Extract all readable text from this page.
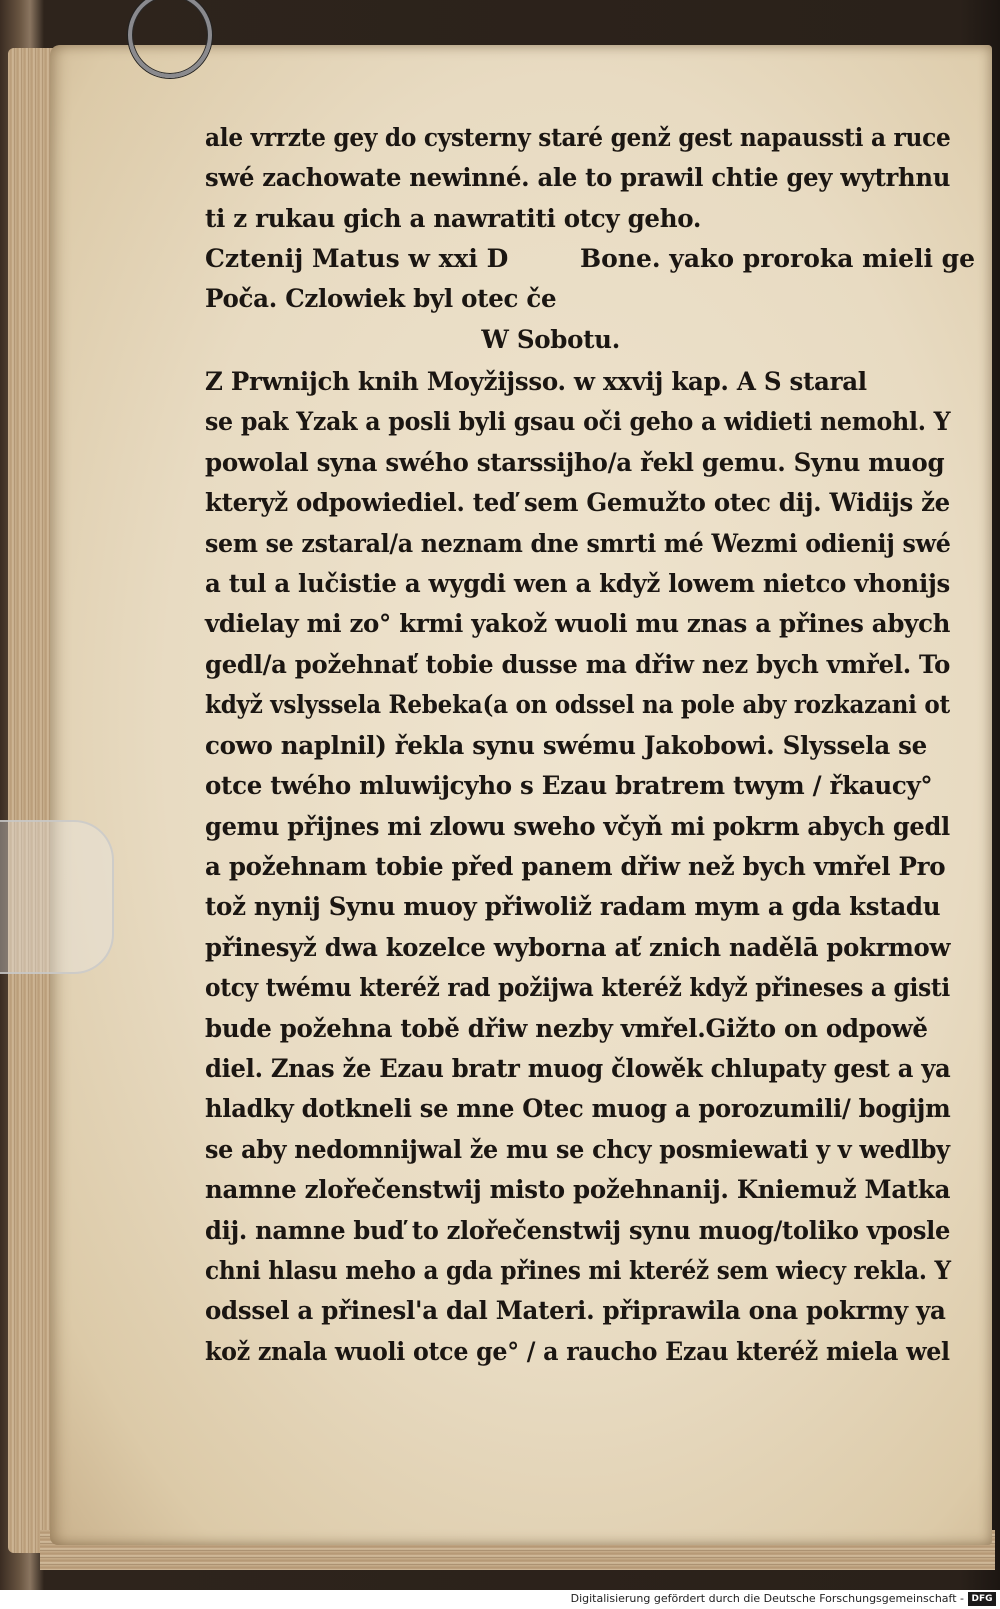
ale vrrzte gey do cysterny staré genž gest napaussti a ruce
swé zachowate newinné. ale to prawil chtie gey wytrhnu
ti z rukau gich a nawratiti otcy geho.
Cztenij Matus w xxi D	Bone. yako proroka mieli ge
Poča. Czlowiek byl otec če
W Sobotu.
Z Prwnijch knih Moyžijsso. w xxvij kap. A S staral
se pak Yzak a posli byli gsau oči geho a widieti nemohl. Y
powolal syna swého starssijho/a řekl gemu. Synu muog
kteryž odpowiediel. teď sem Gemužto otec dij. Widijs že
sem se zstaral/a neznam dne smrti mé Wezmi odienij swé
a tul a lučistie a wygdi wen a když lowem nietco vhonijs
vdielay mi zo° krmi yakož wuoli mu znas a přines abych
gedl/a požehnať tobie dusse ma dřiw nez bych vmřel. To
když vslyssela Rebeka(a on odssel na pole aby rozkazani ot
cowo naplnil) řekla synu swému Jakobowi. Slyssela se
otce twého mluwijcyho s Ezau bratrem twym / řkaucy°
gemu přijnes mi zlowu sweho včyň mi pokrm abych gedl
a požehnam tobie před panem dřiw než bych vmřel Pro
tož nynij Synu muoy přiwoliž radam mym a gda kstadu
přinesyž dwa kozelce wyborna ať znich nadělā pokrmow
otcy twému kteréž rad požijwa kteréž když přineses a gisti
bude požehna tobě dřiw nezby vmřel.Gižto on odpowě
diel. Znas že Ezau bratr muog člowěk chlupaty gest a ya
hladky dotkneli se mne Otec muog a porozumili/ bogijm
se aby nedomnijwal že mu se chcy posmiewati y v wedlby
namne zlořečenstwij misto požehnanij. Kniemuž Matka
dij. namne buď to zlořečenstwij synu muog/toliko vposle
chni hlasu meho a gda přines mi kteréž sem wiecy rekla. Y
odssel a přinesl'a dal Materi. připrawila ona pokrmy ya
kož znala wuoli otce ge° / a raucho Ezau kteréž miela wel
Digitalisierung gefördert durch die Deutsche Forschungsgemeinschaft - DFG
